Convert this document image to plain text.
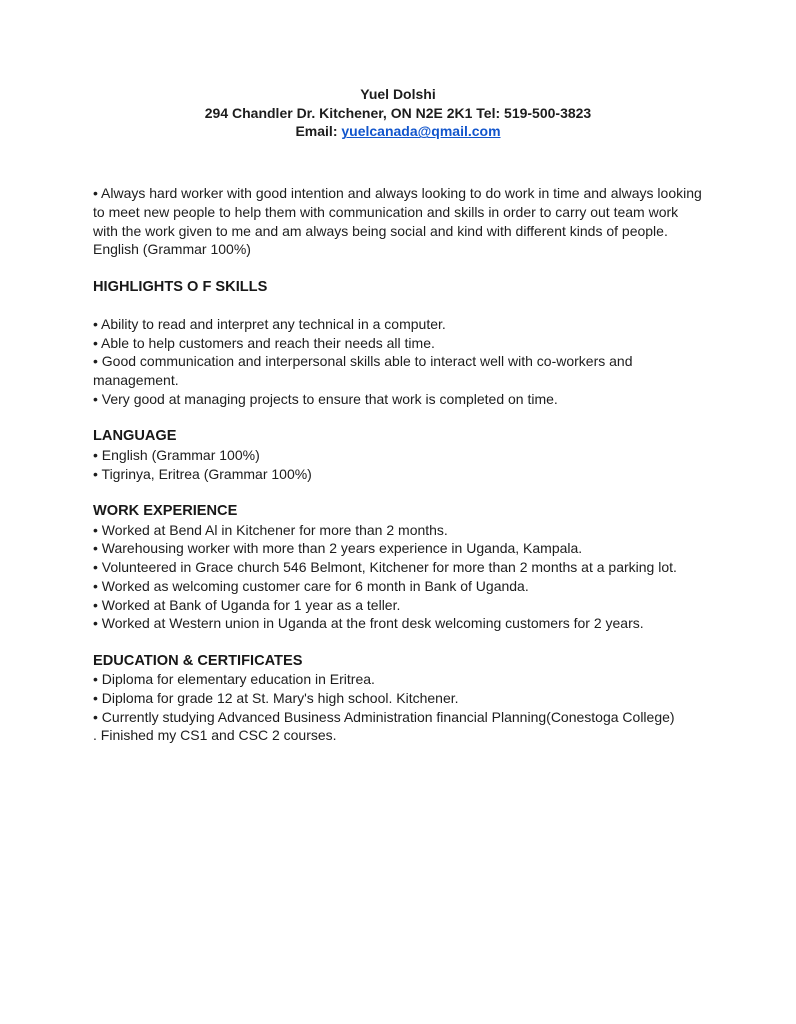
Yuel Dolshi

294 Chandler Dr. Kitchener, ON N2E 2K1 Tel: 519-500-3823

Email: yuelcanada@qmail.com

• Always hard worker with good intention and always looking to do work in time and always looking to meet new people to help them with communication and skills in order to carry out team work with the work given to me and am always being social and kind with different kinds of people. English (Grammar 100%)

HIGHLIGHTS O F SKILLS

• Ability to read and interpret any technical in a computer.

• Able to help customers and reach their needs all time.

• Good communication and interpersonal skills able to interact well with co-workers and management.

• Very good at managing projects to ensure that work is completed on time.

LANGUAGE

• English (Grammar 100%)

• Tigrinya, Eritrea (Grammar 100%)

WORK EXPERIENCE

• Worked at Bend Al in Kitchener for more than 2 months.

• Warehousing worker with more than 2 years experience in Uganda, Kampala.

• Volunteered in Grace church 546 Belmont, Kitchener for more than 2 months at a parking lot.

• Worked as welcoming customer care for 6 month in Bank of Uganda.

• Worked at Bank of Uganda for 1 year as a teller.

• Worked at Western union in Uganda at the front desk welcoming customers for 2 years.

EDUCATION & CERTIFICATES

• Diploma for elementary education in Eritrea.

• Diploma for grade 12 at St. Mary's high school. Kitchener.

• Currently studying Advanced Business Administration financial Planning(Conestoga College)

. Finished my CS1 and CSC 2 courses.
